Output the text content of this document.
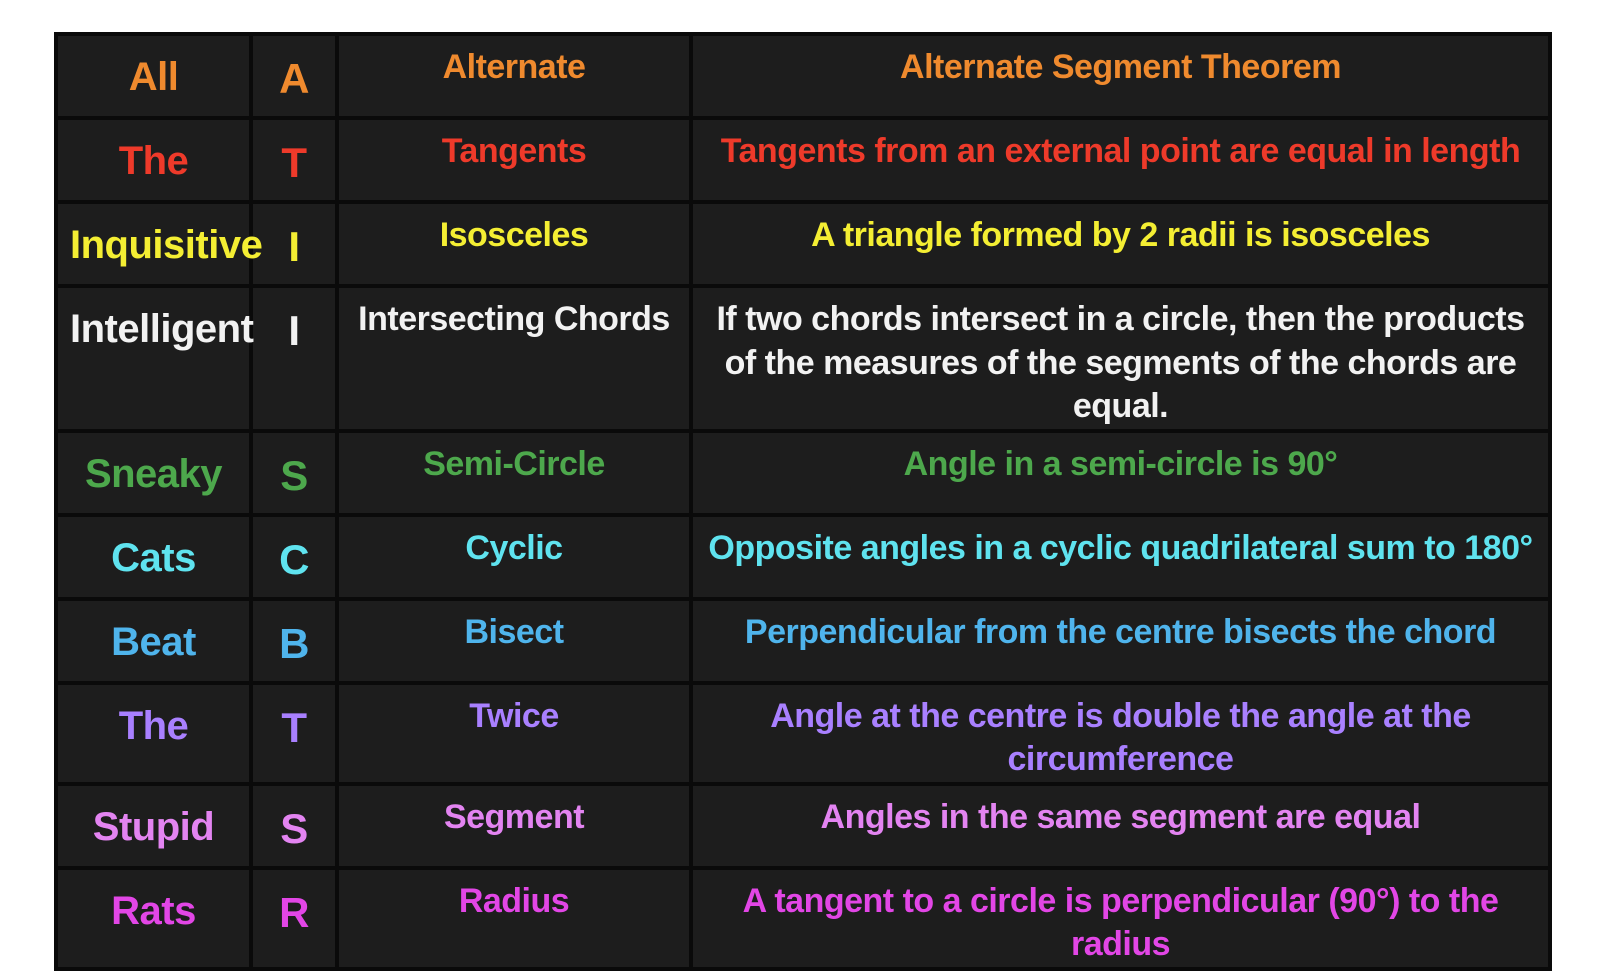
All	A	Alternate	Alternate Segment Theorem
The	T	Tangents	Tangents from an external point are equal in length
Inquisitive	I	Isosceles	A triangle formed by 2 radii is isosceles
Intelligent	I	Intersecting Chords	If two chords intersect in a circle, then the products of the measures of the segments of the chords are equal.
Sneaky	S	Semi-Circle	Angle in a semi-circle is 90°
Cats	C	Cyclic	Opposite angles in a cyclic quadrilateral sum to 180°
Beat	B	Bisect	Perpendicular from the centre bisects the chord
The	T	Twice	Angle at the centre is double the angle at the circumference
Stupid	S	Segment	Angles in the same segment are equal
Rats	R	Radius	A tangent to a circle is perpendicular (90°) to the radius
